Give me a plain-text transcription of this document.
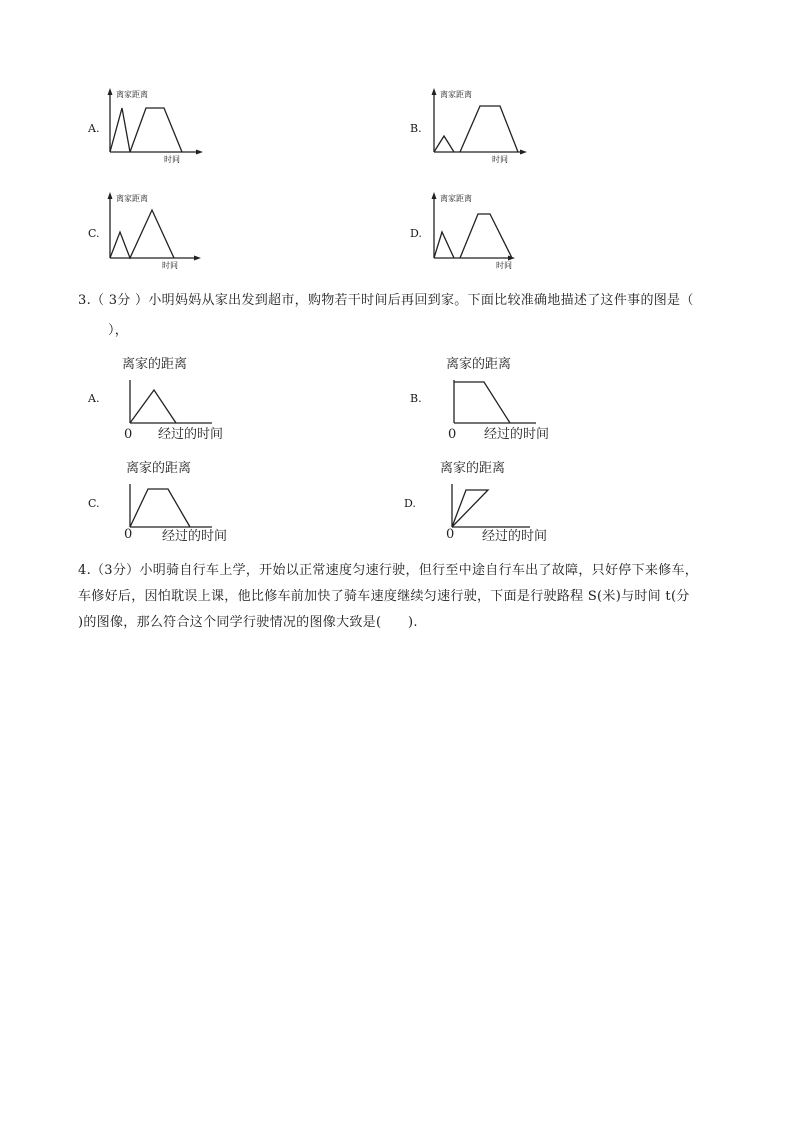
A.
离家距离
时间
B.
离家距离
时间
C.
离家距离
时间
D.
离家距离
时间
3.（ 3分 ）小明妈妈从家出发到超市，购物若干时间后再回到家。下面比较准确地描述了这件事的图是（
），
A.
离家的距离
0 经过的时间
B.
离家的距离
0 经过的时间
C.
离家的距离
0 经过的时间
D.
离家的距离
0 经过的时间
4.（3分）小明骑自行车上学，开始以正常速度匀速行驶，但行至中途自行车出了故障，只好停下来修车，
车修好后，因怕耽误上课，他比修车前加快了骑车速度继续匀速行驶，下面是行驶路程 S(米)与时间 t(分
)的图像，那么符合这个同学行驶情况的图像大致是(　　).
